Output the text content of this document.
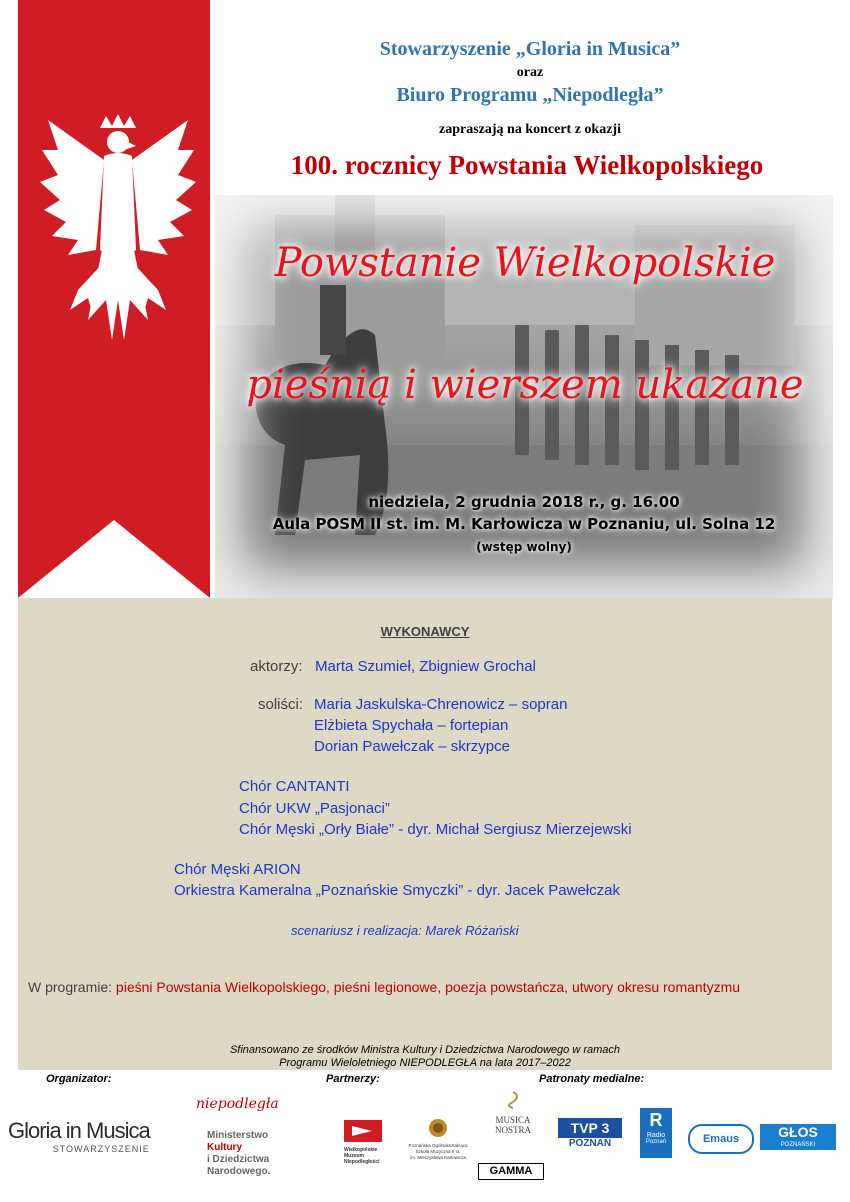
Stowarzyszenie „Gloria in Musica”
oraz
Biuro Programu „Niepodległa”
zapraszają na koncert z okazji
100. rocznicy Powstania Wielkopolskiego
Powstanie Wielkopolskie
pieśnią i wierszem ukazane
niedziela, 2 grudnia 2018 r., g. 16.00
Aula POSM II st. im. M. Karłowicza w Poznaniu, ul. Solna 12
(wstęp wolny)
WYKONAWCY
aktorzy: Marta Szumieł, Zbigniew Grochal
soliści: Maria Jaskulska-Chrenowicz – sopran
Elżbieta Spychała – fortepian
Dorian Pawełczak – skrzypce
Chór CANTANTI
Chór UKW „Pasjonaci”
Chór Męski „Orły Białe” - dyr. Michał Sergiusz Mierzejewski
Chór Męski ARION
Orkiestra Kameralna „Poznańskie Smyczki” - dyr. Jacek Pawełczak
scenariusz i realizacja: Marek Różański
W programie: pieśni Powstania Wielkopolskiego, pieśni legionowe, poezja powstańcza, utwory okresu romantyzmu
Sfinansowano ze środków Ministra Kultury i Dziedzictwa Narodowego w ramach
Programu Wieloletniego NIEPODLEGŁA na lata 2017–2022
Organizator:	Partnerzy:	Patronaty medialne:
Gloria in Musica
STOWARZYSZENIE
niepodległa
Ministerstwo
Kultury
i Dziedzictwa
Narodowego.
Wielkopolskie
Muzeum
Niepodległości
Poznańska Ogólnokształcąca
Szkoła Muzyczna II st.
im. Mieczysława Karłowicza
MUSICA
NOSTRA
GAMMA
TVP 3
POZNAŃ
R
Radio
Poznań	Emaus	GŁOS
POZNAŃSKI
